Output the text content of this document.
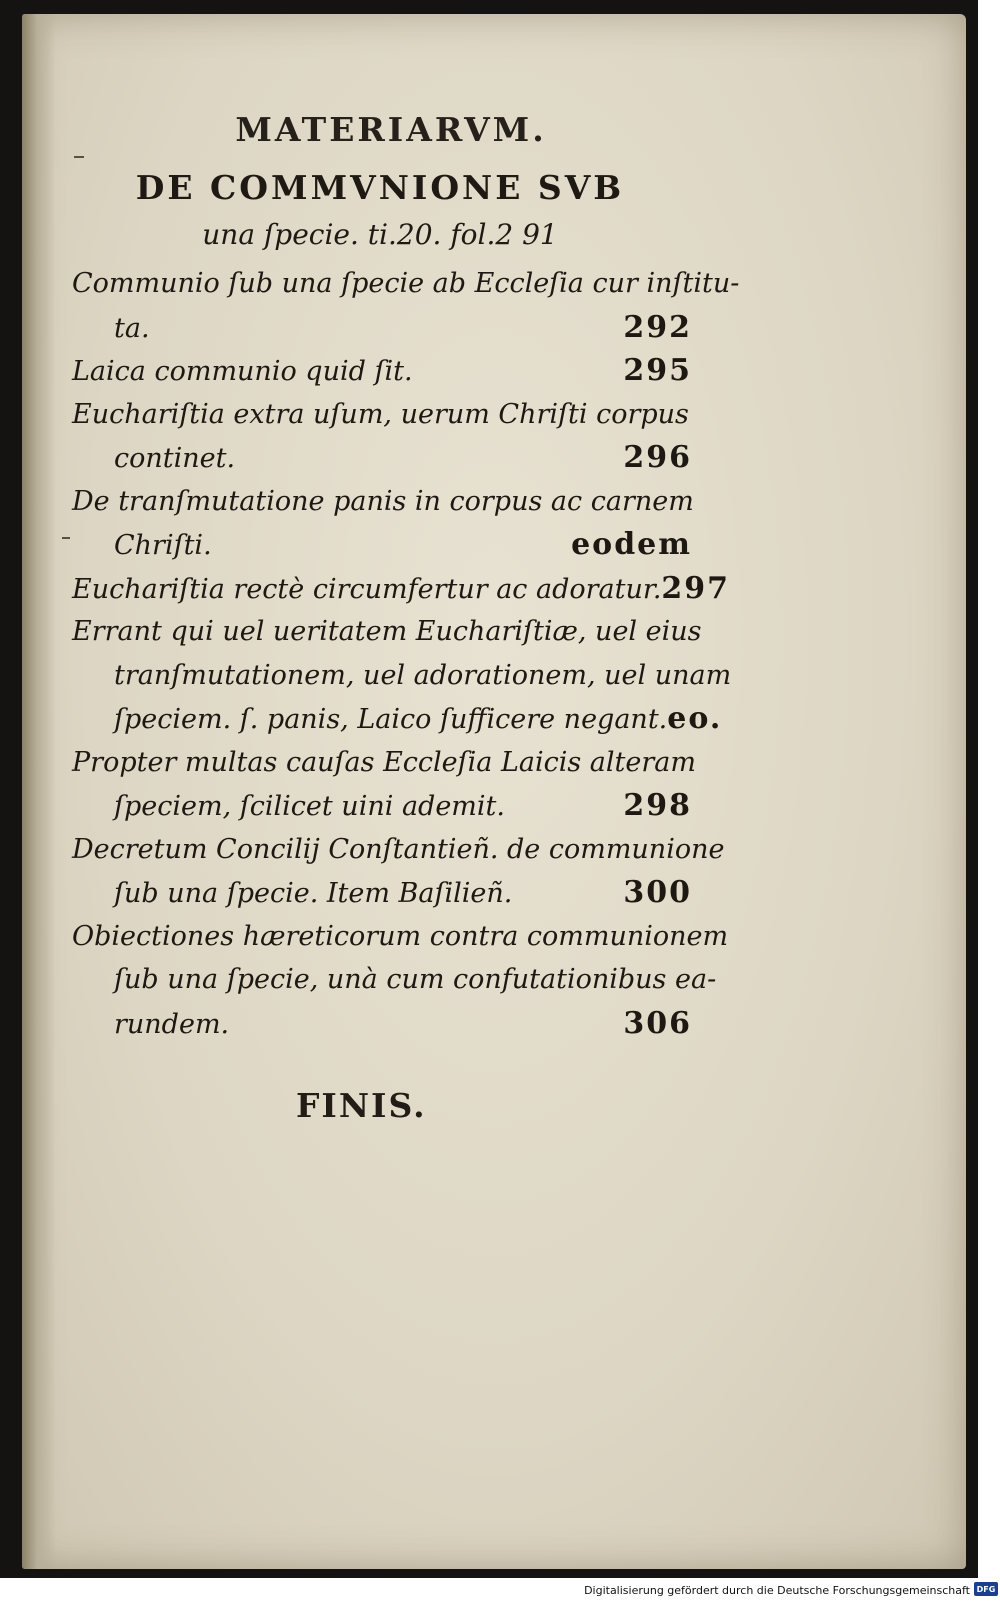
MATERIARVM.
DE COMMVNIONE SVB
una ſpecie. ti.20. fol.2 91
Communio ſub una ſpecie ab Eccleſia cur inſtitu-
ta.	292
Laica communio quid ſit.	295
Euchariſtia extra uſum, uerum Chriſti corpus
continet.	296
De tranſmutatione panis in corpus ac carnem
Chriſti.	eodem
Euchariſtia rectè circumfertur ac adoratur. 297
Errant qui uel ueritatem Euchariſtiæ, uel eius
tranſmutationem, uel adorationem, uel unam
ſpeciem. ſ. panis, Laico ſufficere negant. eo.
Propter multas cauſas Eccleſia Laicis alteram
ſpeciem, ſcilicet uini ademit.	298
Decretum Concilij Conſtantieñ. de communione
ſub una ſpecie. Item Baſilieñ.	300
Obiectiones hæreticorum contra communionem
ſub una ſpecie, unà cum confutationibus ea-
rundem.	306
FINIS.
Digitalisierung gefördert durch die Deutsche Forschungsgemeinschaft DFG
